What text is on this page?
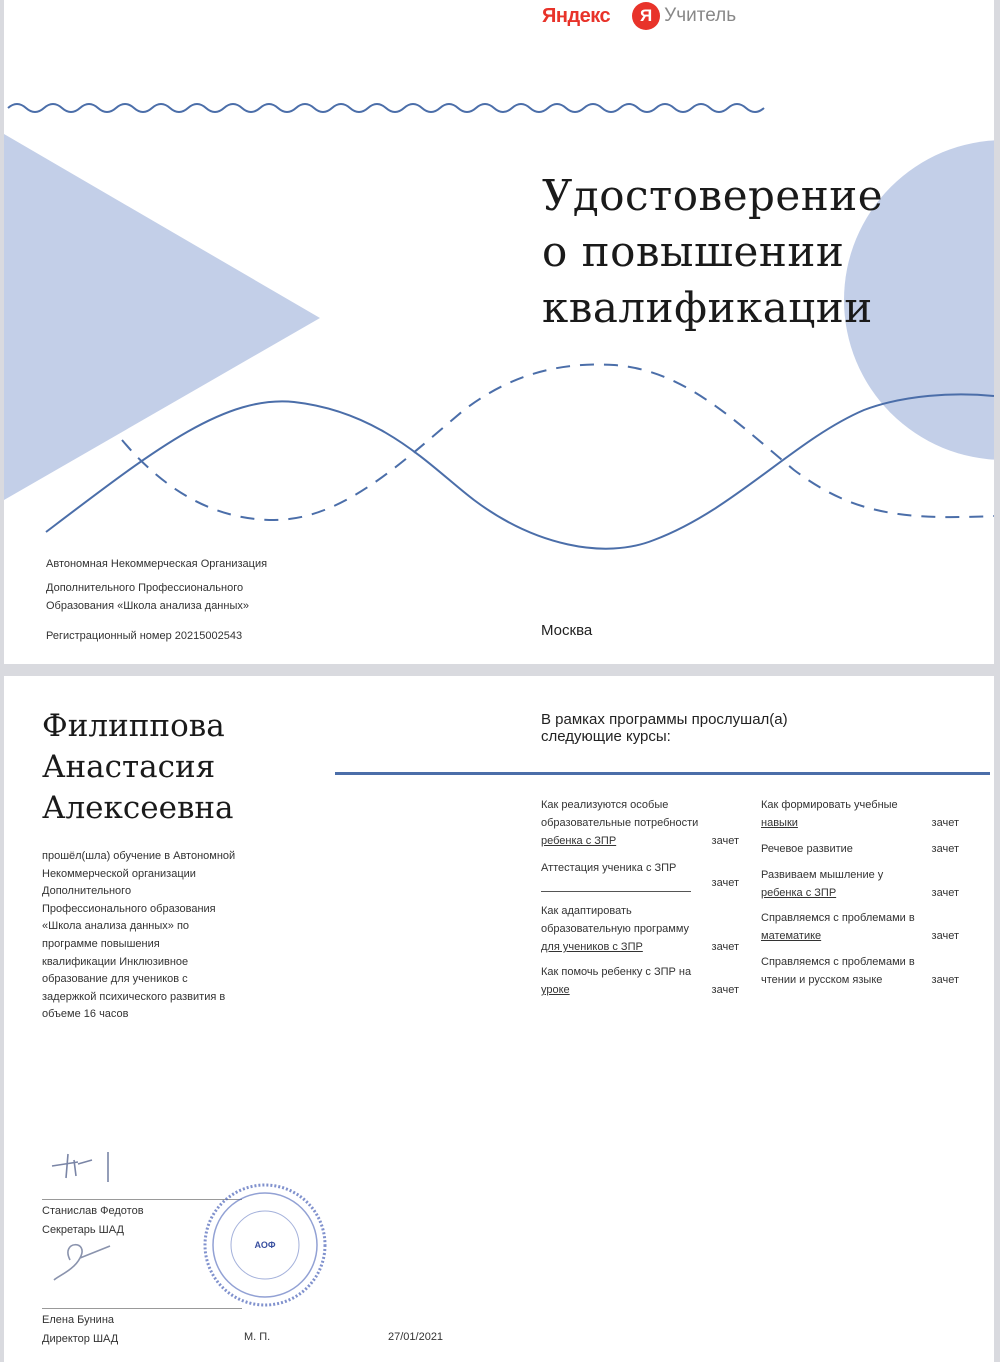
Яндекс	Я Учитель
Удостоверение
о повышении
квалификации

Автономная Некоммерческая Организация

Дополнительного Профессионального

Образования «Школа анализа данных»

Регистрационный номер 20215002543	Москва
Филиппова
Анастасия
Алексеевна
прошёл(шла) обучение в Автономной
Некоммерческой организации
Дополнительного
Профессионального образования
«Школа анализа данных» по
программе повышения
квалификации Инклюзивное
образование для учеников с
задержкой психического развития в
объеме 16 часов
В рамках программы прослушал(а)
следующие курсы:
Как реализуются особые
образовательные потребности
ребенка с ЗПР	зачет
Аттестация ученика с ЗПР
зачет
Как адаптировать
образовательную программу
для учеников с ЗПР	зачет
Как помочь ребенку с ЗПР на
уроке	зачет
Как формировать учебные
навыки	зачет
Речевое развитие	зачет
Развиваем мышление у
ребенка с ЗПР	зачет
Справляемся с проблемами в
математике	зачет
Справляемся с проблемами в
чтении и русском языке	зачет
Станислав Федотов
Секретарь ШАД
Елена Бунина
Директор ШАД
АОФ
М. П.	27/01/2021
